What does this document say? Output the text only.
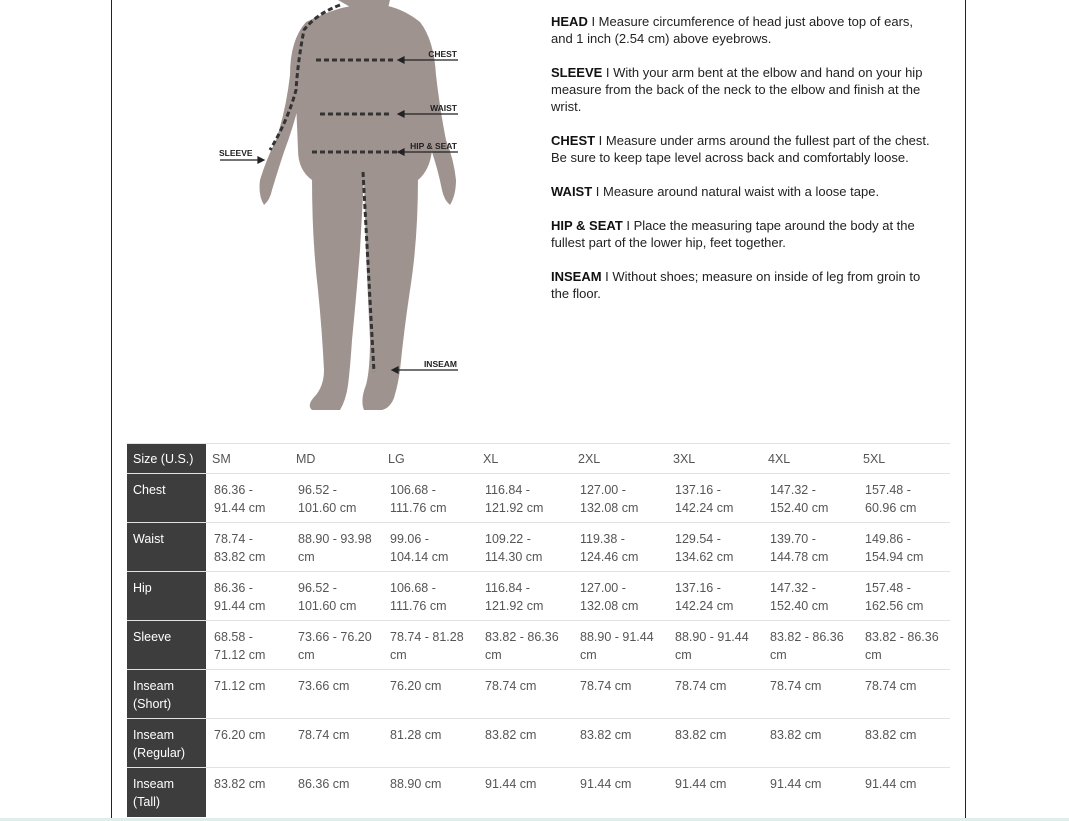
CHEST
WAIST
HIP & SEAT
SLEEVE
INSEAM

HEAD I Measure circumference of head just above top of ears, and 1 inch (2.54 cm) above eyebrows.

SLEEVE I With your arm bent at the elbow and hand on your hip measure from the back of the neck to the elbow and finish at the wrist.

CHEST I Measure under arms around the fullest part of the chest. Be sure to keep tape level across back and comfortably loose.

WAIST I Measure around natural waist with a loose tape.

HIP & SEAT I Place the measuring tape around the body at the fullest part of the lower hip, feet together.

INSEAM I Without shoes; measure on inside of leg from groin to the floor.

Size (U.S.)	SM	MD	LG	XL	2XL	3XL	4XL	5XL
Chest	86.36 - 91.44 cm	96.52 - 101.60 cm	106.68 - 111.76 cm	116.84 - 121.92 cm	127.00 - 132.08 cm	137.16 - 142.24 cm	147.32 - 152.40 cm	157.48 - 60.96 cm
Waist	78.74 - 83.82 cm	88.90 - 93.98 cm	99.06 - 104.14 cm	109.22 - 114.30 cm	119.38 - 124.46 cm	129.54 - 134.62 cm	139.70 - 144.78 cm	149.86 - 154.94 cm
Hip	86.36 - 91.44 cm	96.52 - 101.60 cm	106.68 - 111.76 cm	116.84 - 121.92 cm	127.00 - 132.08 cm	137.16 - 142.24 cm	147.32 - 152.40 cm	157.48 - 162.56 cm
Sleeve	68.58 - 71.12 cm	73.66 - 76.20 cm	78.74 - 81.28 cm	83.82 - 86.36 cm	88.90 - 91.44 cm	88.90 - 91.44 cm	83.82 - 86.36 cm	83.82 - 86.36 cm
Inseam (Short)	71.12 cm	73.66 cm	76.20 cm	78.74 cm	78.74 cm	78.74 cm	78.74 cm	78.74 cm
Inseam (Regular)	76.20 cm	78.74 cm	81.28 cm	83.82 cm	83.82 cm	83.82 cm	83.82 cm	83.82 cm
Inseam (Tall)	83.82 cm	86.36 cm	88.90 cm	91.44 cm	91.44 cm	91.44 cm	91.44 cm	91.44 cm
